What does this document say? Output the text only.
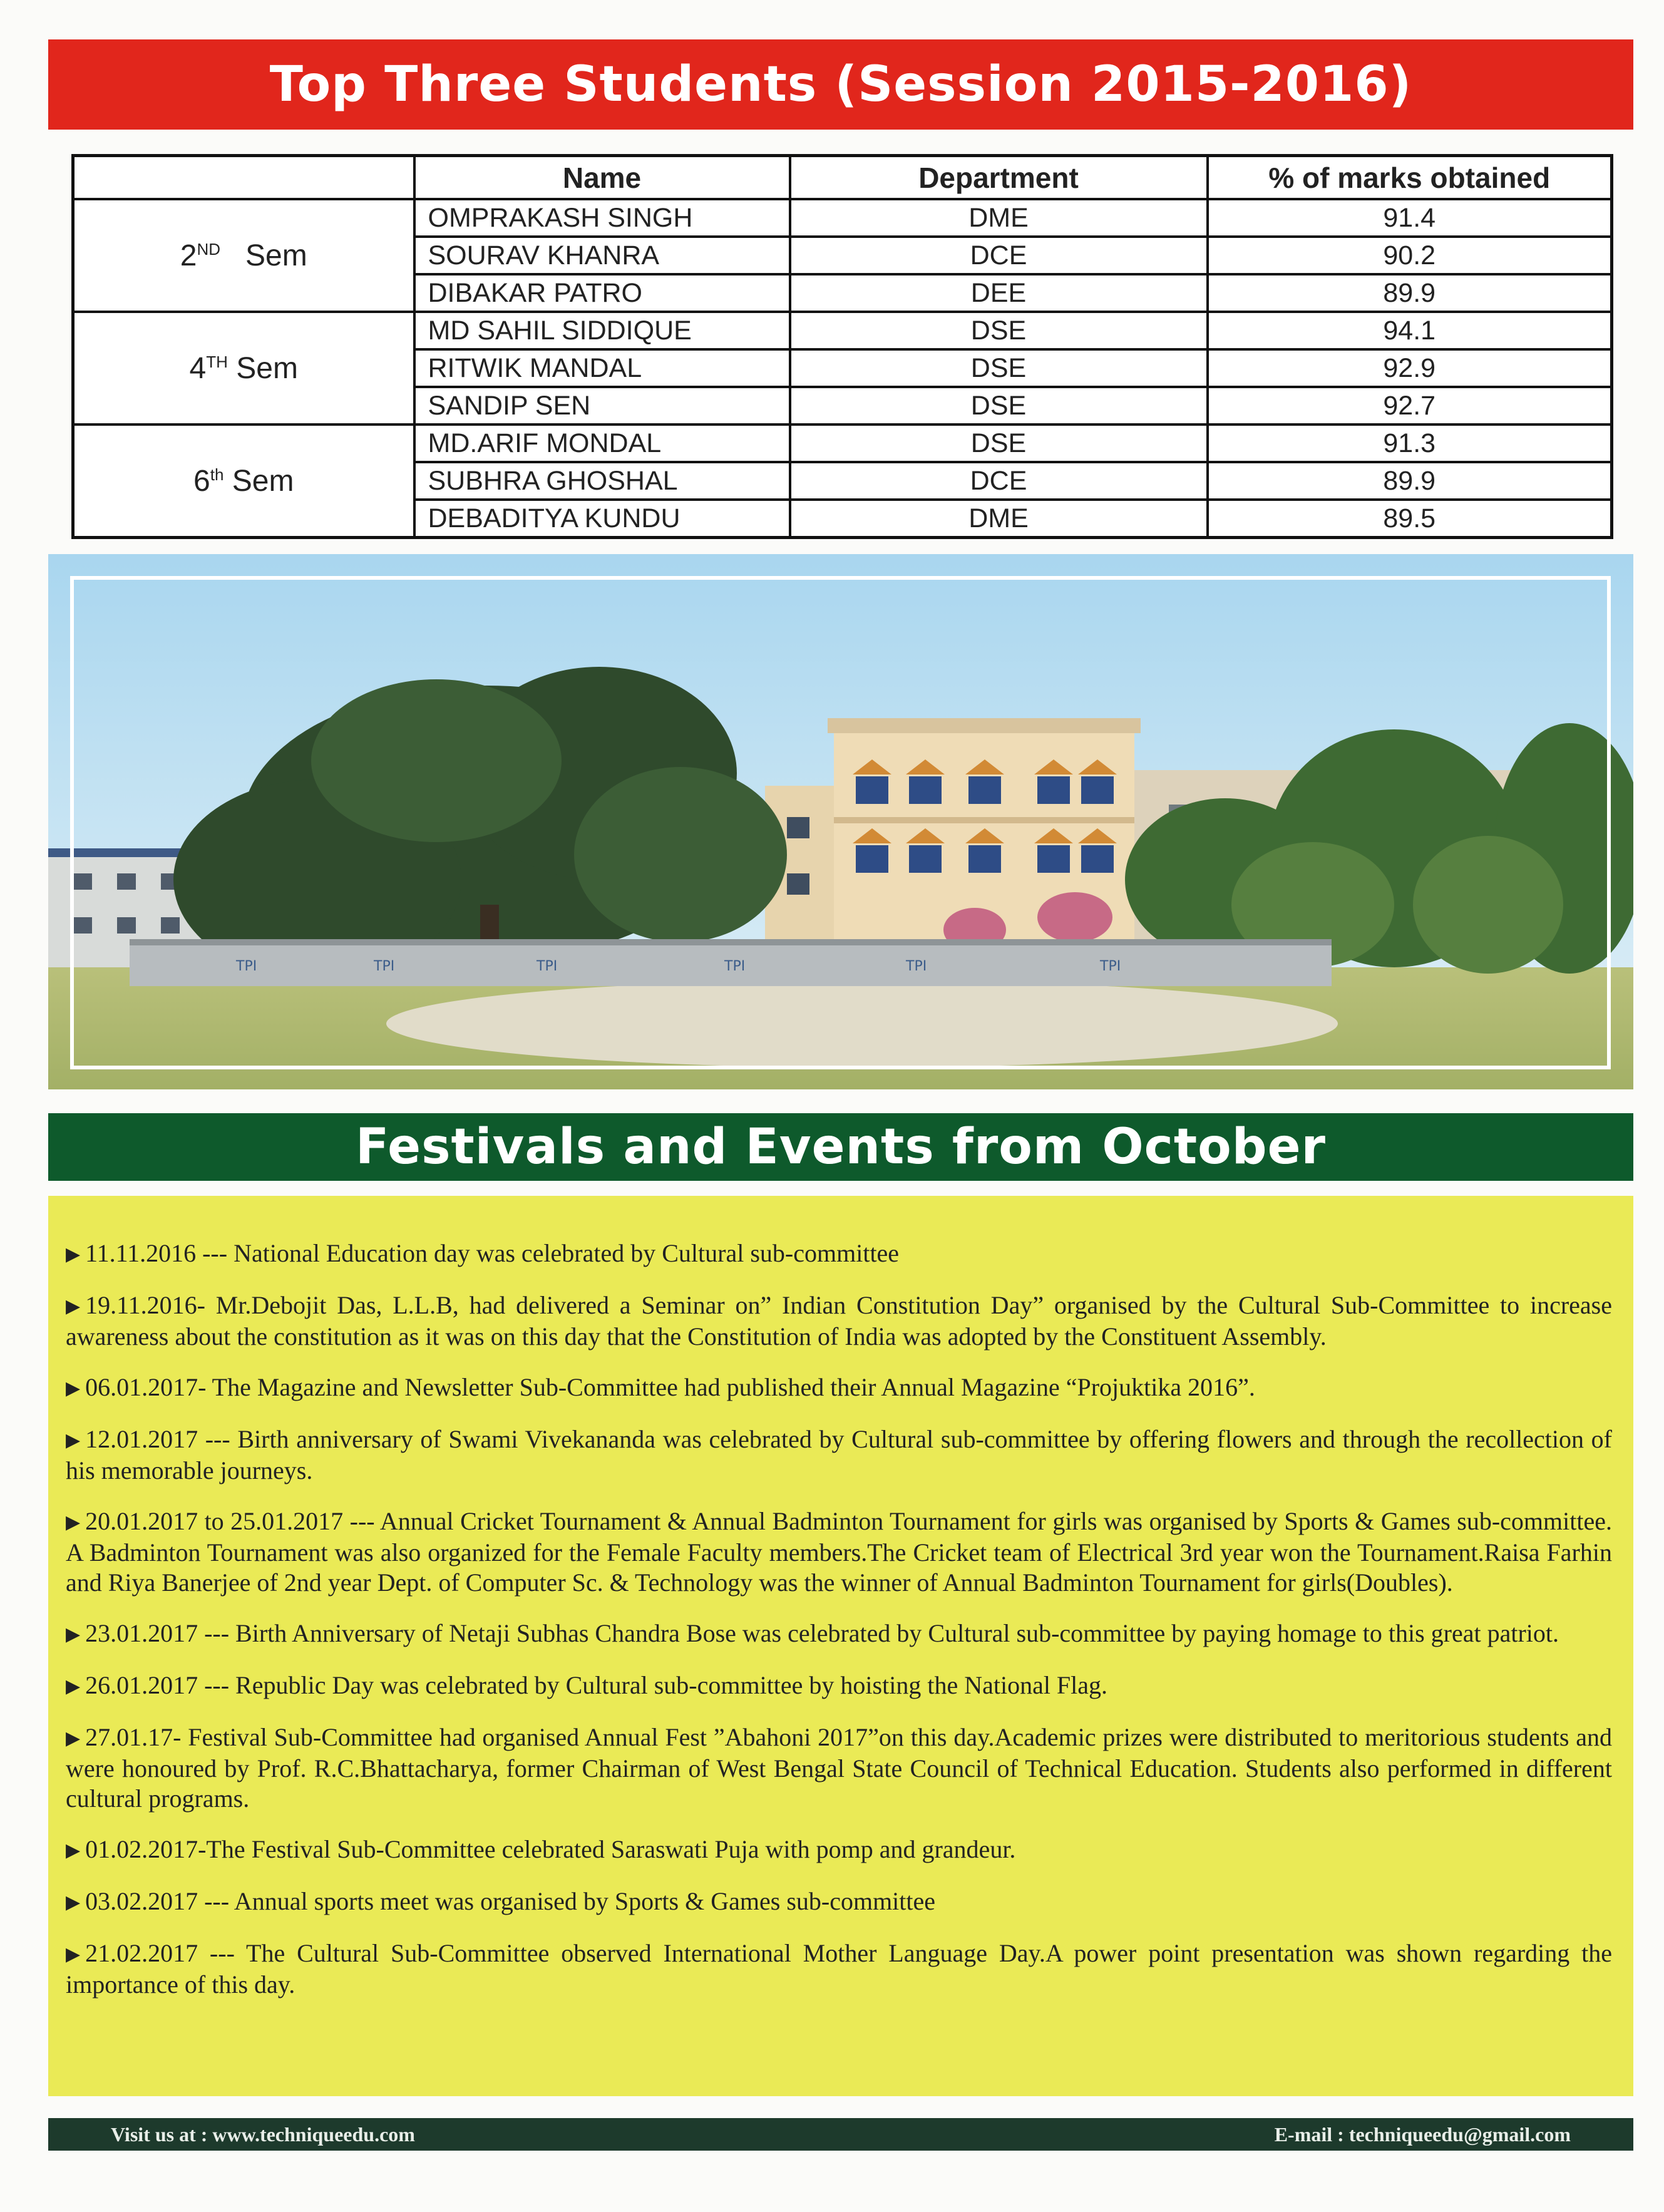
Top Three Students (Session 2015-2016)
	Name	Department	% of marks obtained
2ND Sem	OMPRAKASH SINGH	DME	91.4
	SOURAV KHANRA	DCE	90.2
	DIBAKAR PATRO	DEE	89.9
4TH Sem	MD SAHIL SIDDIQUE	DSE	94.1
	RITWIK MANDAL	DSE	92.9
	SANDIP SEN	DSE	92.7
6th Sem	MD.ARIF MONDAL	DSE	91.3
	SUBHRA GHOSHAL	DCE	89.9
	DEBADITYA KUNDU	DME	89.5
TPI	TPI	TPI	TPI	TPI	TPI
Festivals and Events from October
▶ 11.11.2016 --- National Education day was celebrated by Cultural sub-committee
▶ 19.11.2016- Mr.Debojit Das, L.L.B, had delivered a Seminar on” Indian Constitution Day” organised by the Cultural Sub-Committee to increase awareness about the constitution as it was on this day that the Constitution of India was adopted by the Constituent Assembly.
▶ 06.01.2017- The Magazine and Newsletter Sub-Committee had published their Annual Magazine “Projuktika 2016”.
▶ 12.01.2017 --- Birth anniversary of Swami Vivekananda was celebrated by Cultural sub-committee by offering flowers and through the recollection of his memorable journeys.
▶ 20.01.2017 to 25.01.2017 --- Annual Cricket Tournament & Annual Badminton Tournament for girls was organised by Sports & Games sub-committee. A Badminton Tournament was also organized for the Female Faculty members.The Cricket team of Electrical 3rd year won the Tournament.Raisa Farhin and Riya Banerjee of 2nd year Dept. of Computer Sc. & Technology was the winner of Annual Badminton Tournament for girls(Doubles).
▶ 23.01.2017 --- Birth Anniversary of Netaji Subhas Chandra Bose was celebrated by Cultural sub-committee by paying homage to this great patriot.
▶ 26.01.2017 --- Republic Day was celebrated by Cultural sub-committee by hoisting the National Flag.
▶ 27.01.17- Festival Sub-Committee had organised Annual Fest ”Abahoni 2017”on this day.Academic prizes were distributed to meritorious students and were honoured by Prof. R.C.Bhattacharya, former Chairman of West Bengal State Council of Technical Education. Students also performed in different cultural programs.
▶ 01.02.2017-The Festival Sub-Committee celebrated Saraswati Puja with pomp and grandeur.
▶ 03.02.2017 --- Annual sports meet was organised by Sports & Games sub-committee
▶ 21.02.2017 --- The Cultural Sub-Committee observed International Mother Language Day.A power point presentation was shown regarding the importance of this day.
Visit us at : www.techniqueedu.com	E-mail : techniqueedu@gmail.com
